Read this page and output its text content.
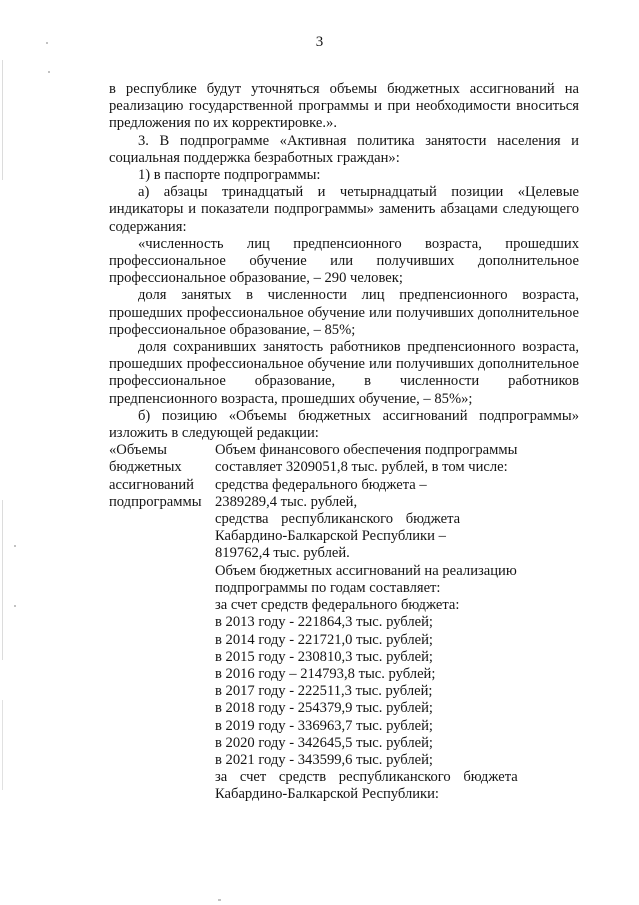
3

в республике будут уточняться объемы бюджетных ассигнований на реализацию государственной программы и при необходимости вноситься предложения по их корректировке.».

3. В подпрограмме «Активная политика занятости населения и социальная поддержка безработных граждан»:

1) в паспорте подпрограммы:

а) абзацы тринадцатый и четырнадцатый позиции «Целевые индикаторы и показатели подпрограммы» заменить абзацами следующего содержания:

«численность лиц предпенсионного возраста, прошедших профессиональное обучение или получивших дополнительное профессиональное образование, – 290 человек;

доля занятых в численности лиц предпенсионного возраста, прошедших профессиональное обучение или получивших дополнительное профессиональное образование, – 85%;

доля сохранивших занятость работников предпенсионного возраста, прошедших профессиональное обучение или получивших дополнительное профессиональное образование, в численности работников предпенсионного возраста, прошедших обучение, – 85%»;

б) позицию «Объемы бюджетных ассигнований подпрограммы» изложить в следующей редакции:

«Объемы
бюджетных
ассигнований
подпрограммы
Объем финансового обеспечения подпрограммы
составляет 3209051,8 тыс. рублей, в том числе:
средства федерального бюджета –
2389289,4 тыс. рублей,
средства республиканского бюджета
Кабардино-Балкарской Республики –
819762,4 тыс. рублей.
Объем бюджетных ассигнований на реализацию
подпрограммы по годам составляет:
за счет средств федерального бюджета:
в 2013 году - 221864,3 тыс. рублей;
в 2014 году - 221721,0 тыс. рублей;
в 2015 году - 230810,3 тыс. рублей;
в 2016 году – 214793,8 тыс. рублей;
в 2017 году - 222511,3 тыс. рублей;
в 2018 году - 254379,9 тыс. рублей;
в 2019 году - 336963,7 тыс. рублей;
в 2020 году - 342645,5 тыс. рублей;
в 2021 году - 343599,6 тыс. рублей;
за счет средств республиканского бюджета
Кабардино-Балкарской Республики:
